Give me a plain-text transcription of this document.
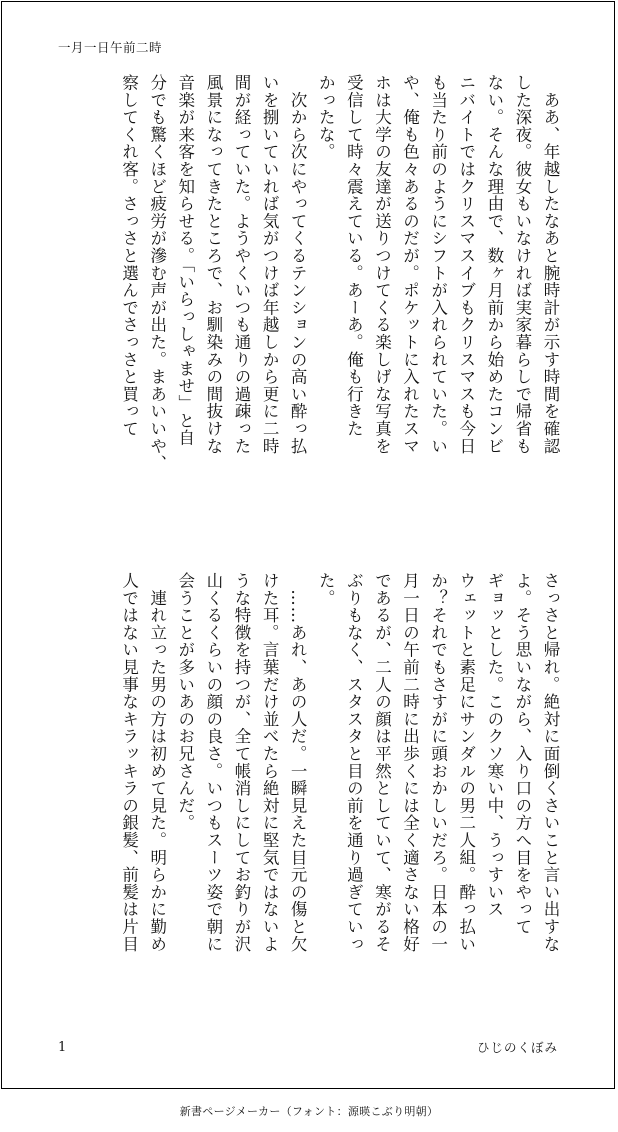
一月一日午前二時
　ああ、年越したなあと腕時計が示す時間を確認
した深夜。彼女もいなければ実家暮らしで帰省も
ない。そんな理由で、数ヶ月前から始めたコンビ
ニバイトではクリスマスイブもクリスマスも今日
も当たり前のようにシフトが入れられていた。い
や、俺も色々あるのだが。ポケットに入れたスマ
ホは大学の友達が送りつけてくる楽しげな写真を
受信して時々震えている。あーあ。俺も行きた
かったな。
　次から次にやってくるテンションの高い酔っ払
いを捌いていれば気がつけば年越しから更に二時
間が経っていた。ようやくいつも通りの過疎った
風景になってきたところで、お馴染みの間抜けな
音楽が来客を知らせる。「いらっしゃませ」と自
分でも驚くほど疲労が滲む声が出た。まあいいや、
察してくれ客。さっさと選んでさっさと買って
さっさと帰れ。絶対に面倒くさいこと言い出すな
よ。そう思いながら、入り口の方へ目をやって
ギョッとした。このクソ寒い中、うっすいス
ウェットと素足にサンダルの男二人組。酔っ払い
か？それでもさすがに頭おかしいだろ。日本の一
月一日の午前二時に出歩くには全く適さない格好
であるが、二人の顔は平然としていて、寒がるそ
ぶりもなく、スタスタと目の前を通り過ぎていっ
た。
　……あれ、あの人だ。一瞬見えた目元の傷と欠
けた耳。言葉だけ並べたら絶対に堅気ではないよ
うな特徴を持つが、全て帳消しにしてお釣りが沢
山くるくらいの顔の良さ。いつもスーツ姿で朝に
会うことが多いあのお兄さんだ。
　連れ立った男の方は初めて見た。明らかに勤め
人ではない見事なキラッキラの銀髪、前髪は片目
1	ひじのくぼみ
新書ページメーカー（フォント：源暎こぶり明朝）
